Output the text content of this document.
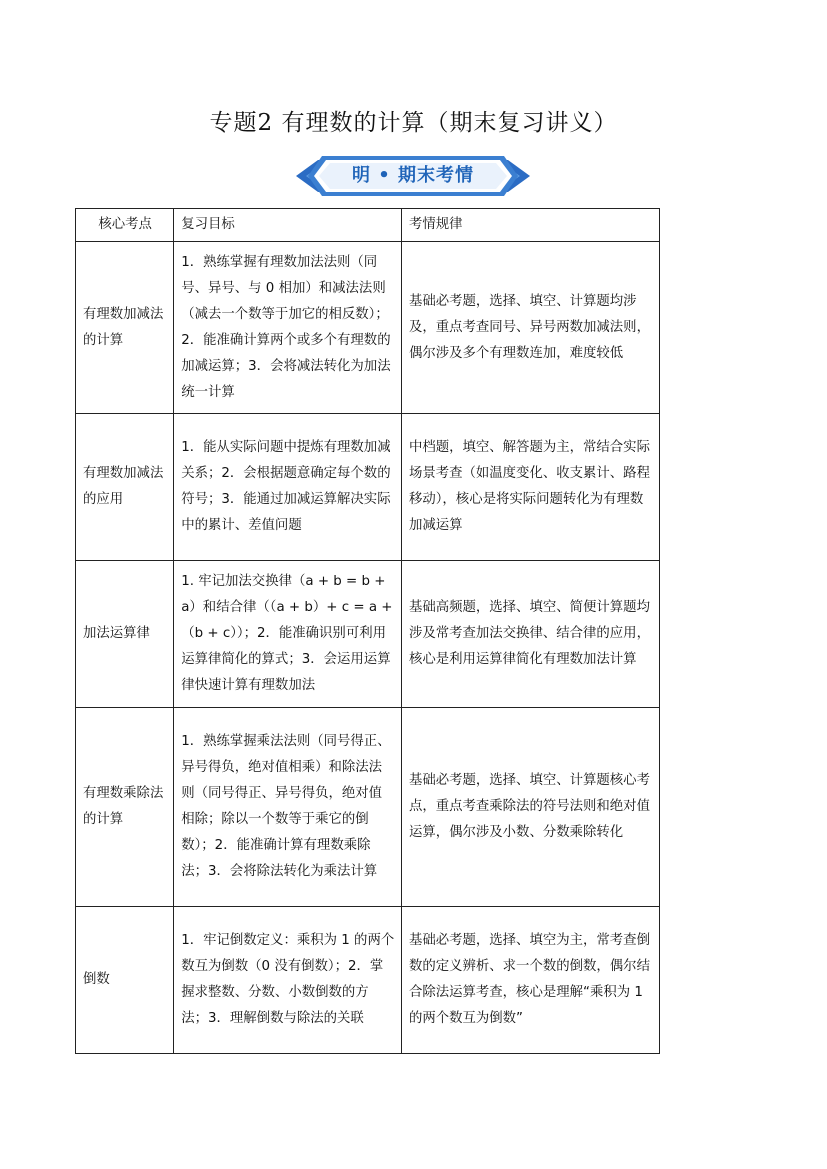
专题2 有理数的计算（期末复习讲义）
明 • 期末考情
核心考点	复习目标	考情规律
有理数加减法的计算	1．熟练掌握有理数加法法则（同号、异号、与 0 相加）和减法法则（减去一个数等于加它的相反数）；2．能准确计算两个或多个有理数的加减运算；3．会将减法转化为加法统一计算	基础必考题，选择、填空、计算题均涉及，重点考查同号、异号两数加减法则，偶尔涉及多个有理数连加，难度较低
有理数加减法的应用	1．能从实际问题中提炼有理数加减关系；2．会根据题意确定每个数的符号；3．能通过加减运算解决实际中的累计、差值问题	中档题，填空、解答题为主，常结合实际场景考查（如温度变化、收支累计、路程移动），核心是将实际问题转化为有理数加减运算
加法运算律	1. 牢记加法交换律（a + b = b + a）和结合律（（a + b）+ c = a +（b + c））；2．能准确识别可利用运算律简化的算式；3．会运用运算律快速计算有理数加法	基础高频题，选择、填空、简便计算题均涉及常考查加法交换律、结合律的应用，核心是利用运算律简化有理数加法计算
有理数乘除法的计算	1．熟练掌握乘法法则（同号得正、异号得负，绝对值相乘）和除法法则（同号得正、异号得负，绝对值相除；除以一个数等于乘它的倒数）；2．能准确计算有理数乘除法；3．会将除法转化为乘法计算	基础必考题，选择、填空、计算题核心考点，重点考查乘除法的符号法则和绝对值运算，偶尔涉及小数、分数乘除转化
倒数	1．牢记倒数定义：乘积为 1 的两个数互为倒数（0 没有倒数）；2．掌握求整数、分数、小数倒数的方法；3．理解倒数与除法的关联	基础必考题，选择、填空为主，常考查倒数的定义辨析、求一个数的倒数，偶尔结合除法运算考查，核心是理解“乘积为 1 的两个数互为倒数”
